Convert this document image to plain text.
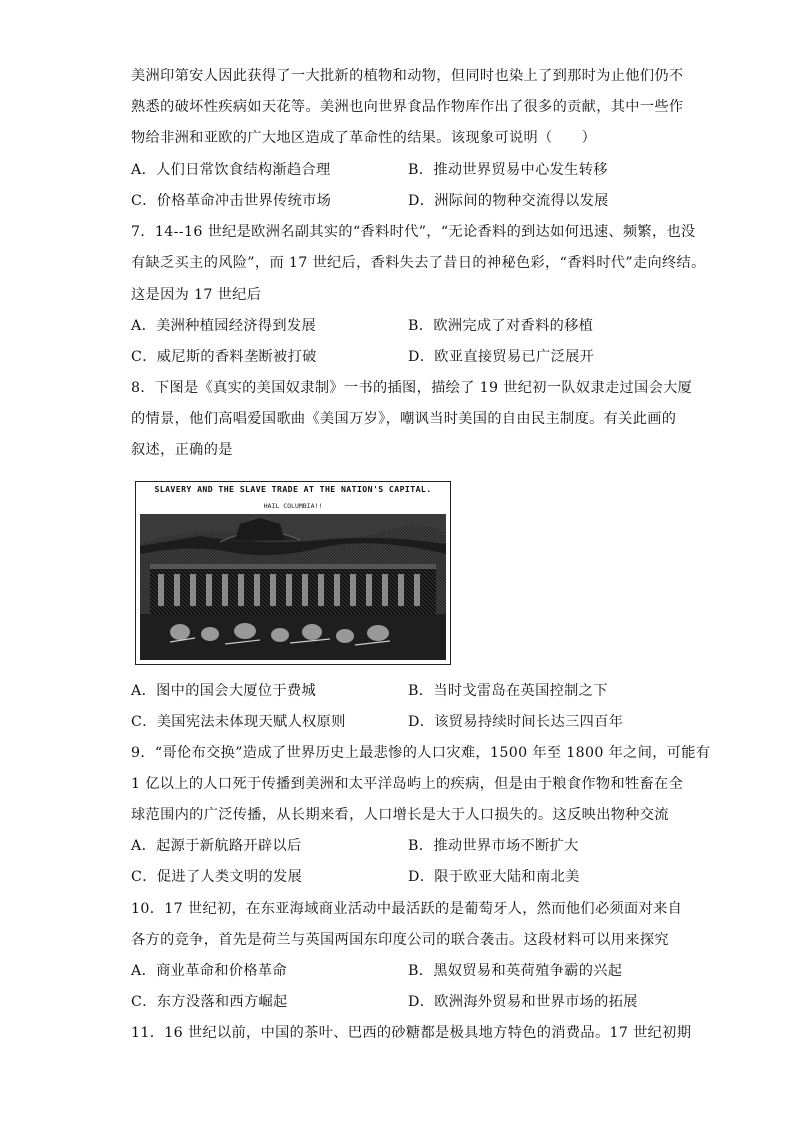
美洲印第安人因此获得了一大批新的植物和动物，但同时也染上了到那时为止他们仍不
熟悉的破坏性疾病如天花等。美洲也向世界食品作物库作出了很多的贡献，其中一些作
物给非洲和亚欧的广大地区造成了革命性的结果。该现象可说明（　　）
A．人们日常饮食结构渐趋合理	B．推动世界贸易中心发生转移
C．价格革命冲击世界传统市场	D．洲际间的物种交流得以发展
7．14--16 世纪是欧洲名副其实的“香料时代”，“无论香料的到达如何迅速、频繁，也没
有缺乏买主的风险”，而 17 世纪后，香料失去了昔日的神秘色彩，“香料时代”走向终结。
这是因为 17 世纪后
A．美洲种植园经济得到发展	B．欧洲完成了对香料的移植
C．威尼斯的香料垄断被打破	D．欧亚直接贸易已广泛展开
8．下图是《真实的美国奴隶制》一书的插图，描绘了 19 世纪初一队奴隶走过国会大厦
的情景，他们高唱爱国歌曲《美国万岁》，嘲讽当时美国的自由民主制度。有关此画的
叙述，正确的是
SLAVERY AND THE SLAVE TRADE AT THE NATION'S CAPITAL.
HAIL COLUMBIA!!
A．图中的国会大厦位于费城	B．当时戈雷岛在英国控制之下
C．美国宪法未体现天赋人权原则	D．该贸易持续时间长达三四百年
9．“哥伦布交换”造成了世界历史上最悲惨的人口灾难，1500 年至 1800 年之间，可能有
1 亿以上的人口死于传播到美洲和太平洋岛屿上的疾病，但是由于粮食作物和牲畜在全
球范围内的广泛传播，从长期来看，人口增长是大于人口损失的。这反映出物种交流
A．起源于新航路开辟以后	B．推动世界市场不断扩大
C．促进了人类文明的发展	D．限于欧亚大陆和南北美
10．17 世纪初，在东亚海域商业活动中最活跃的是葡萄牙人，然而他们必须面对来自
各方的竞争，首先是荷兰与英国两国东印度公司的联合袭击。这段材料可以用来探究
A．商业革命和价格革命	B．黑奴贸易和英荷殖争霸的兴起
C．东方没落和西方崛起	D．欧洲海外贸易和世界市场的拓展
11．16 世纪以前，中国的茶叶、巴西的砂糖都是极具地方特色的消费品。17 世纪初期
